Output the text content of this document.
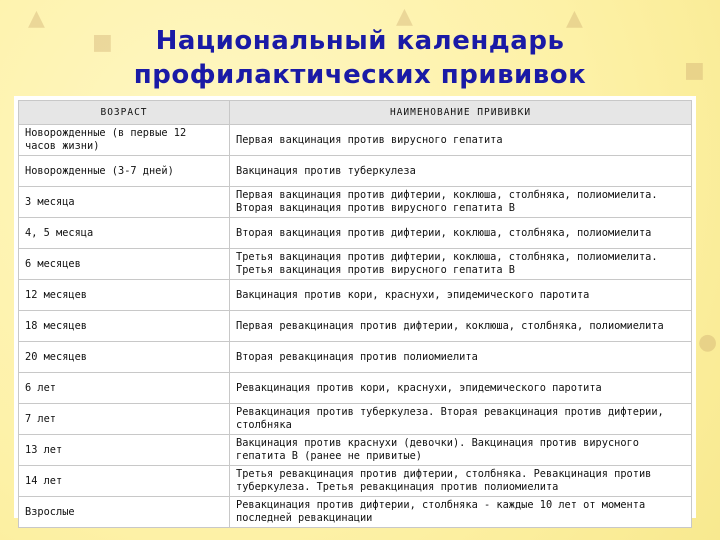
▲
■
▲	▲
■
●
Национальный календарь
профилактических прививок
ВОЗРАСТ	НАИМЕНОВАНИЕ ПРИВИВКИ
Новорожденные (в первые 12 часов жизни)	Первая вакцинация против вирусного гепатита
Новорожденные (3-7 дней)	Вакцинация против туберкулеза
3 месяца	Первая вакцинация против дифтерии, коклюша, столбняка, полиомиелита. Вторая вакцинация против вирусного гепатита В
4, 5 месяца	Вторая вакцинация против дифтерии, коклюша, столбняка, полиомиелита
6 месяцев	Третья вакцинация против дифтерии, коклюша, столбняка, полиомиелита. Третья вакцинация против вирусного гепатита В
12 месяцев	Вакцинация против кори, краснухи, эпидемического паротита
18 месяцев	Первая ревакцинация против дифтерии, коклюша, столбняка, полиомиелита
20 месяцев	Вторая ревакцинация против полиомиелита
6 лет	Ревакцинация против кори, краснухи, эпидемического паротита
7 лет	Ревакцинация против туберкулеза. Вторая ревакцинация против дифтерии, столбняка
13 лет	Вакцинация против краснухи (девочки). Вакцинация против вирусного гепатита В (ранее не привитые)
14 лет	Третья ревакцинация против дифтерии, столбняка. Ревакцинация против туберкулеза. Третья ревакцинация против полиомиелита
Взрослые	Ревакцинация против дифтерии, столбняка - каждые 10 лет от момента последней ревакцинации
